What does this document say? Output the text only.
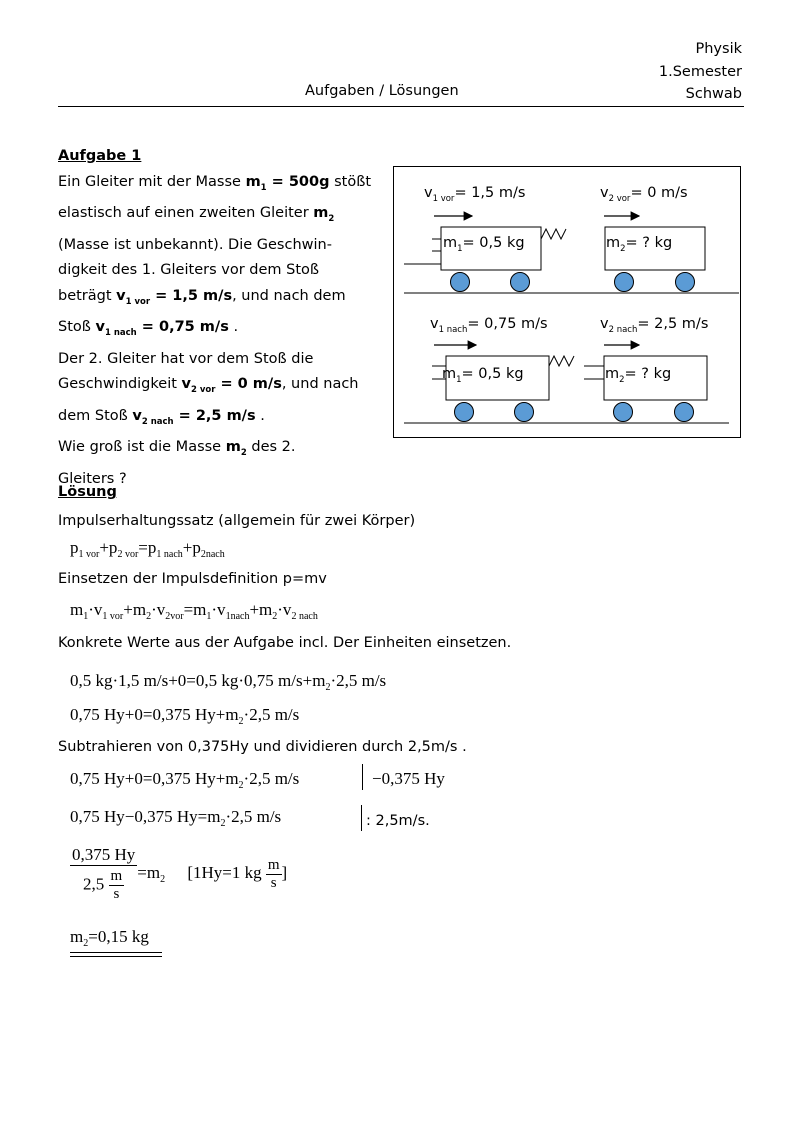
Physik
1.Semester
Schwab
Aufgaben / Lösungen
Aufgabe 1
Ein Gleiter mit der Masse $m_1 = 500g$ stößt
elastisch auf einen zweiten Gleiter $m_2$
(Masse ist unbekannt). Die Geschwin-
digkeit des 1. Gleiters vor dem Stoß
beträgt $v_{1 vor} = 1,5$ m/s, und nach dem
Stoß $v_{1 nach} = 0,75$ m/s .
Der 2. Gleiter hat vor dem Stoß die
Geschwindigkeit $v_{2 vor} = 0$ m/s, und nach
dem Stoß $v_{2 nach} = 2,5$ m/s .
Wie groß ist die Masse $m_2$ des 2.
Gleiters ?
$v_{1 vor}= 1,5$ m/s	$v_{2 vor}= 0$ m/s
$m_1= 0,5$ kg	$m_2=$ ? kg
$v_{1 nach}= 0,75$ m/s	$v_{2 nach}= 2,5$ m/s
$m_1= 0,5$ kg	$m_2=$ ? kg
Lösung
Impulserhaltungssatz (allgemein für zwei Körper)
$p_{1 vor}+p_{2 vor}=p_{1 nach}+p_{2nach}$
Einsetzen der Impulsdefinition p=mv
$m_1\cdot v_{1 vor}+m_2\cdot v_{2vor}=m_1\cdot v_{1nach}+m_2\cdot v_{2 nach}$
Konkrete Werte aus der Aufgabe incl. Der Einheiten einsetzen.
0,5 kg·1,5 m/s+0=0,5 kg·0,75 $m/s+m_2\cdot 2,5$ m/s
0,75 Hy+0=0,375 $Hy+m_2\cdot 2,5$ m/s
Subtrahieren von 0,375Hy und dividieren durch 2,5m/s .
0,75 Hy+0=0,375 $Hy+m_2\cdot 2,5$ m/s	−0,375 Hy
0,75 Hy−0,375 $Hy=m_2\cdot 2,5$ m/s	: 2,5m/s.
$\frac{0,375 Hy}{2,5 \frac{m}{s}} =m_2$ [1Hy=1 kg $\frac{m}{s}$ ]
$m_2=0,15$ kg
